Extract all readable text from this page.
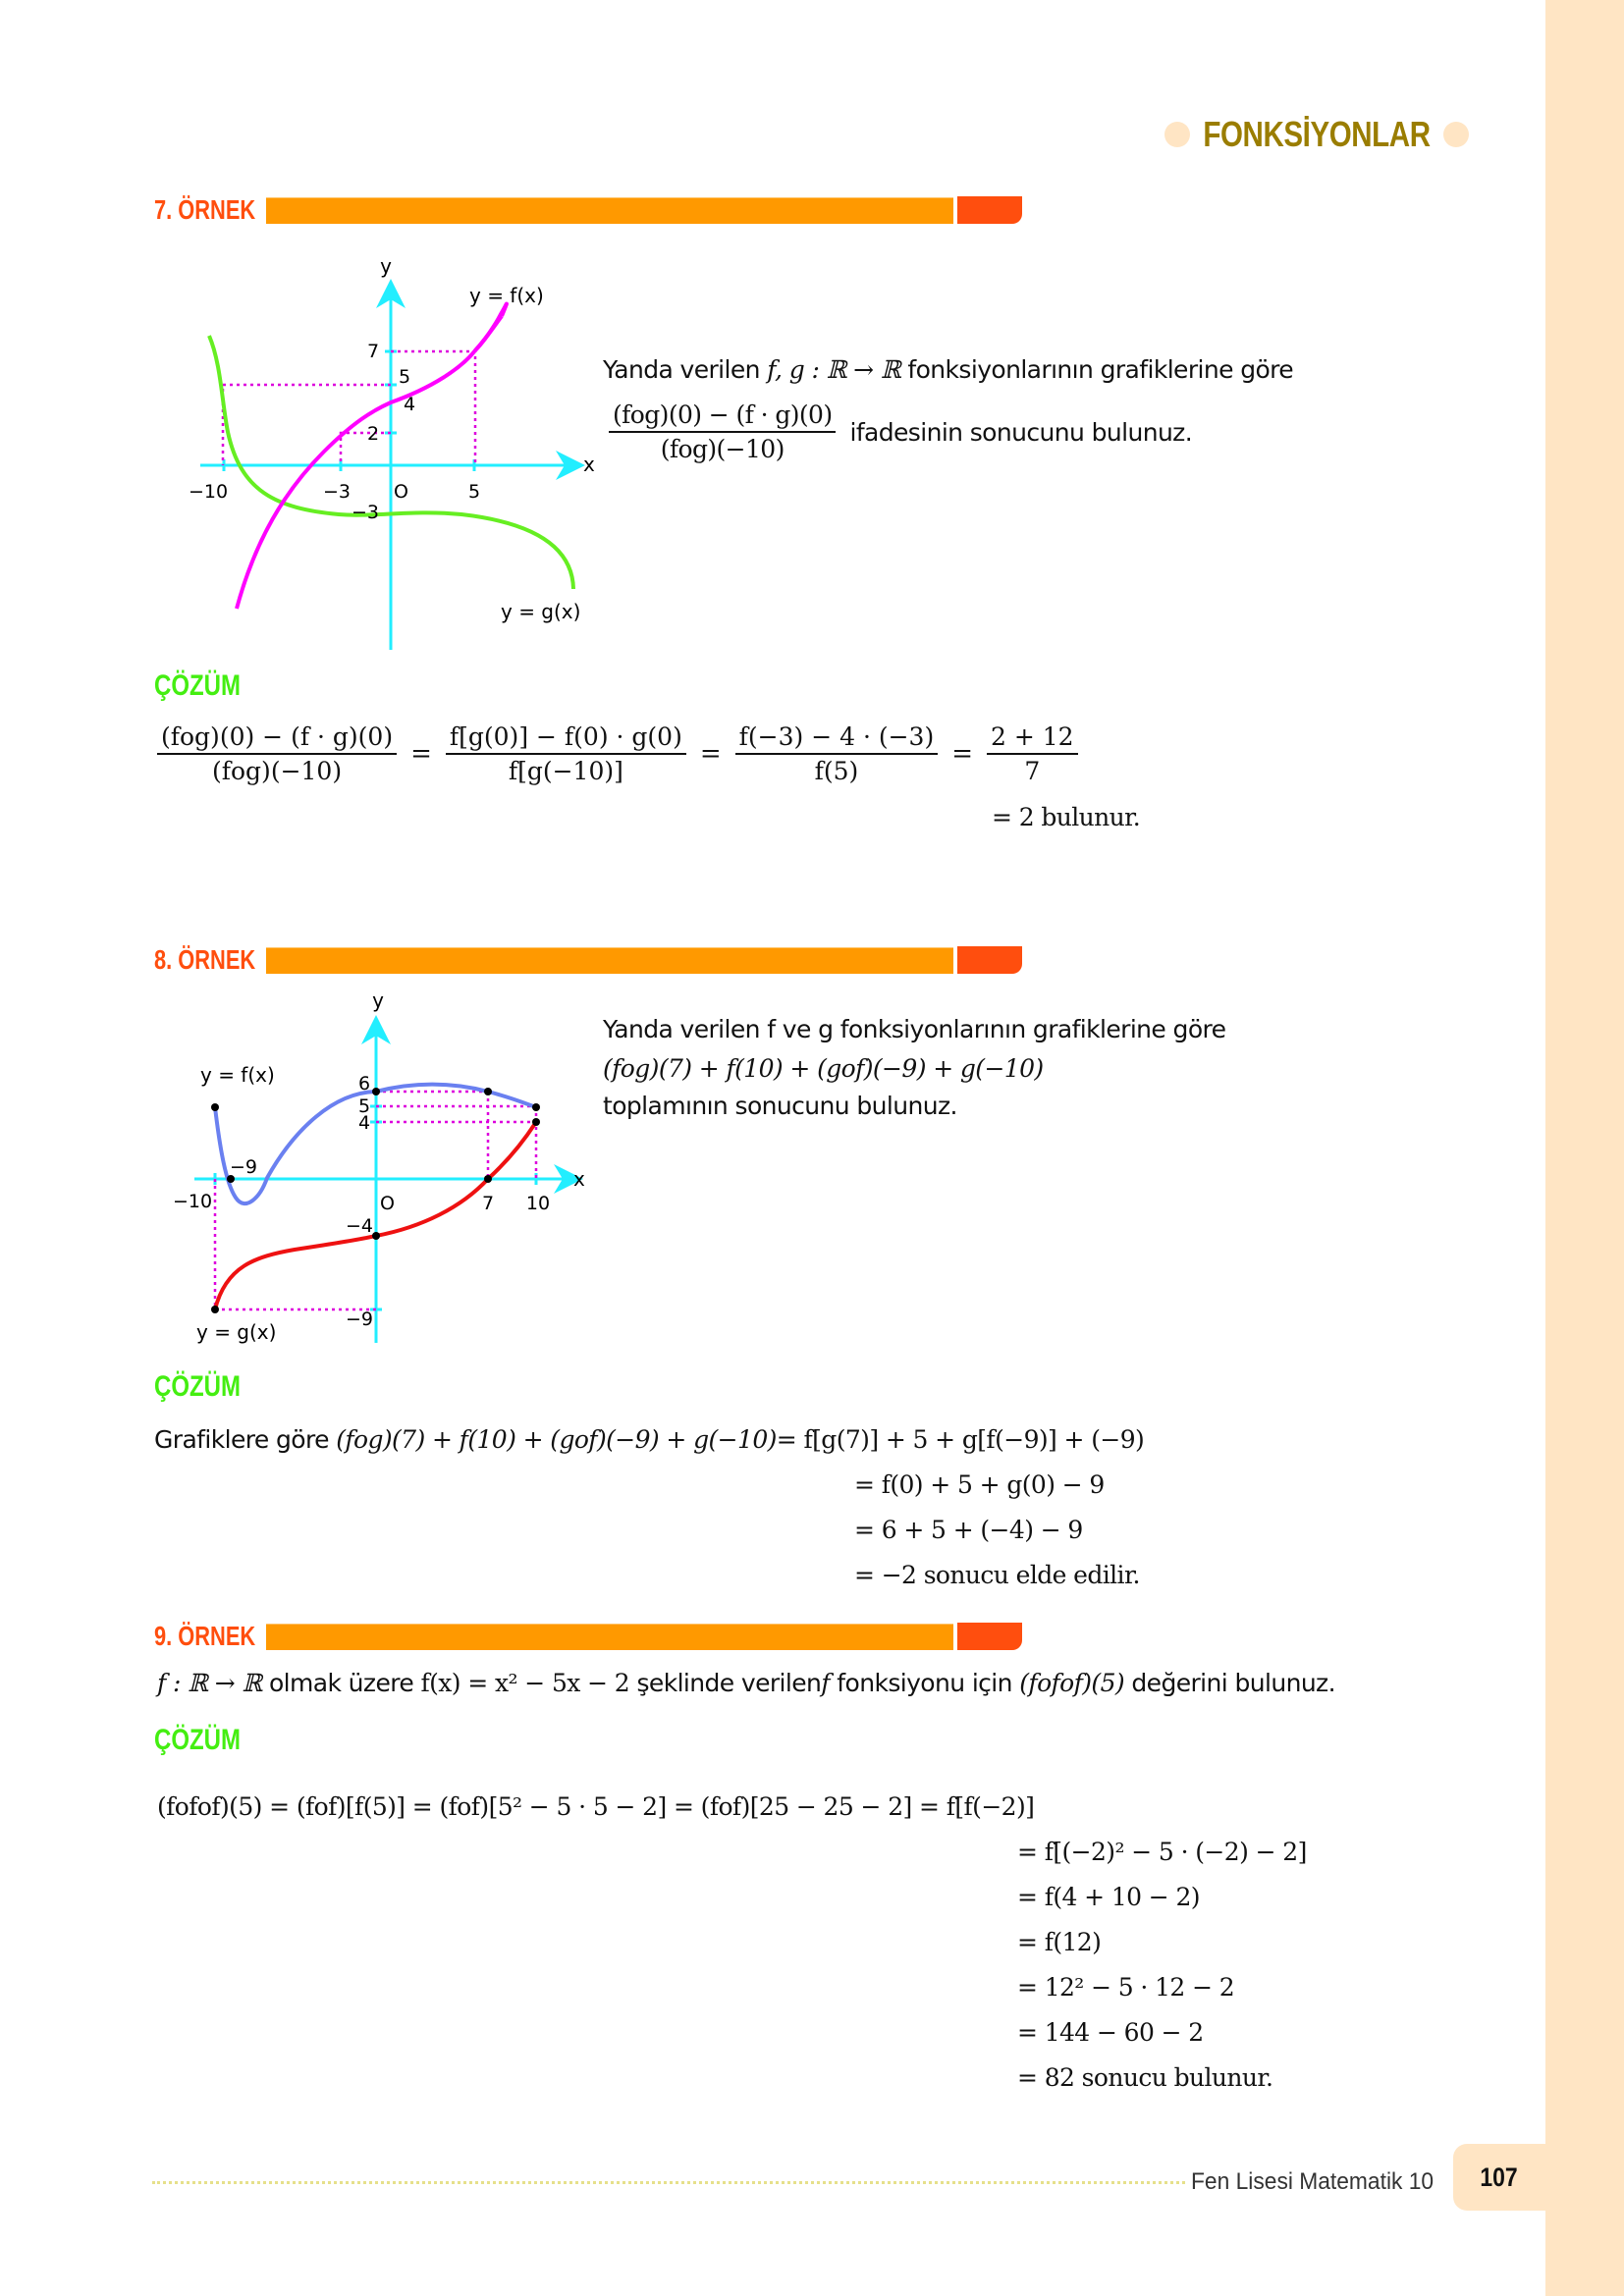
FONKSİYONLAR
7. ÖRNEK
y
x
O
−10	−3	5
7
5
4
2
−3
y = f(x)
y = g(x)
Yanda verilen f, g : ℝ → ℝ fonksiyonlarının grafiklerine göre
$\frac{\text{(fog)(0) − (f · g)(0)}}{\text{(fog)(−10)}}$ ifadesinin sonucunu bulunuz.
ÇÖZÜM
$\frac{\text{(fog)(0) − (f · g)(0)}}{\text{(fog)(−10)}} = \frac{f[g(0)] - f(0) \cdot g(0)}{f[g(-10)]} = \frac{f(-3) - 4 \cdot (-3)}{f(5)} = \frac{2 + 12}{7}$
= 2 bulunur.
8. ÖRNEK
y
x
O
−10
−9
7 10
6
5
4
−4
−9
y = f(x)
y = g(x)
Yanda verilen f ve g fonksiyonlarının grafiklerine göre
(fog)(7) + f(10) + (gof)(−9) + g(−10)
toplamının sonucunu bulunuz.
ÇÖZÜM
Grafiklere göre (fog)(7) + f(10) + (gof)(−9) + g(−10)= f[g(7)] + 5 + g[f(−9)] + (−9)
= f(0) + 5 + g(0) − 9
= 6 + 5 + (−4) − 9
= −2 sonucu elde edilir.
9. ÖRNEK
f : ℝ → ℝ olmak üzere f(x) = x² − 5x − 2 şeklinde verilenf fonksiyonu için (fofof)(5) değerini bulunuz.
ÇÖZÜM
(fofof)(5) = (fof)[f(5)] = (fof)[5² − 5 · 5 − 2] = (fof)[25 − 25 − 2] = f[f(−2)]
= f[(−2)² − 5 · (−2) − 2]
= f(4 + 10 − 2)
= f(12)
= 12² − 5 · 12 − 2
= 144 − 60 − 2
= 82 sonucu bulunur.
Fen Lisesi Matematik 10 107
